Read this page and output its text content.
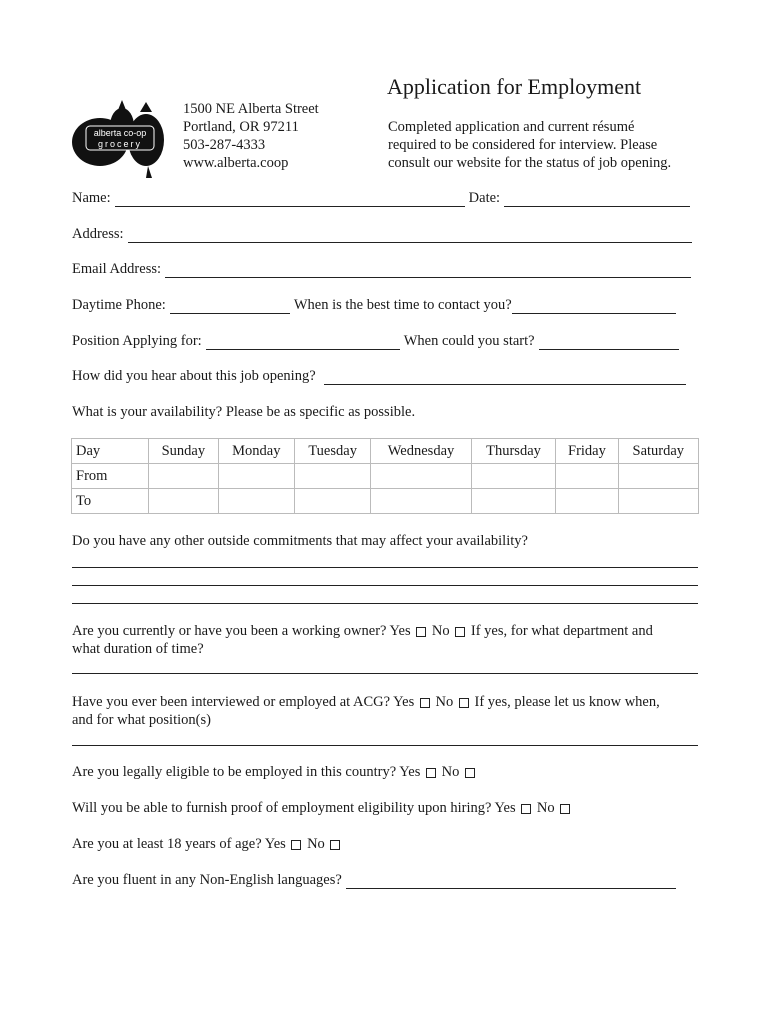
alberta co-op
grocery
1500 NE Alberta Street
Portland, OR 97211
503-287-4333
www.alberta.coop
Application for Employment
Completed application and current résumé
required to be considered for interview. Please
consult our website for the status of job opening.
Name:	Date:
Address:
Email Address:
Daytime Phone:	When is the best time to contact you?
Position Applying for:	When could you start?
How did you hear about this job opening?
What is your availability? Please be as specific as possible.
Day	Sunday	Monday	Tuesday	Wednesday	Thursday	Friday	Saturday
From							
To							
Do you have any other outside commitments that may affect your availability?
Are you currently or have you been a working owner? Yes No If yes, for what department and
what duration of time?
Have you ever been interviewed or employed at ACG? Yes No If yes, please let us know when,
and for what position(s)
Are you legally eligible to be employed in this country? Yes No
Will you be able to furnish proof of employment eligibility upon hiring? Yes No
Are you at least 18 years of age? Yes No
Are you fluent in any Non-English languages?
